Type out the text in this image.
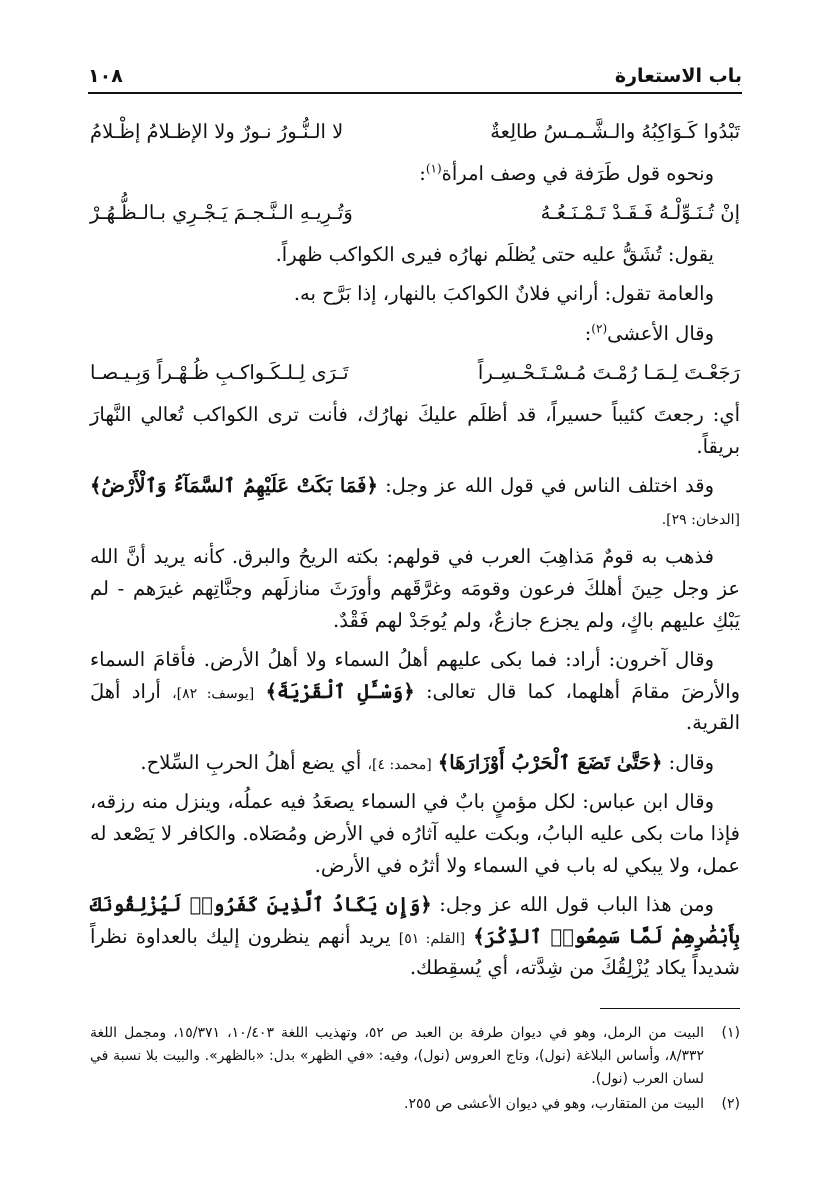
باب الاستعارة
١٠٨
تَبْدُوا كَـوَاكِبُهُ والـشَّـمـسُ طالِعةٌ
لا الـنُّـورُ نـورٌ ولا الإظـلامُ إظْـلامُ

ونحوه قول طَرَفة في وصف امرأة$^{(١)}$:

إنْ تُـنَـوِّلْـهُ فَـقَـدْ تَـمْـنَـعُـهُ
وَتُـرِيـهِ الـنَّـجـمَ يَـجْـرِي بـالـظُّـهُـرْ

يقول: تُشَقُّ عليه حتى يُظلَم نهارُه فيرى الكواكب ظهراً.

والعامة تقول: أراني فلانٌ الكواكبَ بالنهار، إذا بَرَّح به.

وقال الأعشى$^{(٢)}$:

رَجَعْـتَ لِـمَـا رُمْـتَ مُـسْـتَـحْـسِـراً
تَـرَى لِـلـكَـواكـبِ ظُـهْـراً وَبِـيـصـا

أي: رجعتَ كئيباً حسيراً، قد أظلَم عليكَ نهارُك، فأنت ترى الكواكب تُعالي النَّهارَ بريقاً.

وقد اختلف الناس في قول الله عز وجل: ﴿فَمَا بَكَتْ عَلَيْهِمُ ٱلسَّمَآءُ وَٱلْأَرْضُ﴾ [الدخان: ٢٩].

فذهب به قومٌ مَذاهِبَ العرب في قولهم: بكته الريحُ والبرق. كأنه يريد أنَّ الله عز وجل حِينَ أهلكَ فرعون وقومَه وغرَّقَهم وأورَثَ منازلَهم وجنَّاتِهم غيرَهم - لم يَبْكِ عليهم باكٍ، ولم يجزع جازعٌ، ولم يُوجَدْ لهم فَقْدٌ.

وقال آخرون: أراد: فما بكى عليهم أهلُ السماء ولا أهلُ الأرض. فأقامَ السماء والأرضَ مقامَ أهلهما، كما قال تعالى: ﴿وَسْـَٔلِ ٱلْقَرْيَةَ﴾ [يوسف: ٨٢]، أراد أهلَ القرية.

وقال: ﴿حَتَّىٰ تَضَعَ ٱلْحَرْبُ أَوْزَارَهَا﴾ [محمد: ٤]، أي يضع أهلُ الحربِ السِّلاح.

وقال ابن عباس: لكل مؤمنٍ بابٌ في السماء يصعَدُ فيه عملُه، وينزل منه رزقه، فإذا مات بكى عليه البابُ، وبكت عليه آثارُه في الأرض ومُصَلاه. والكافر لا يَصْعد له عمل، ولا يبكي له باب في السماء ولا أثرُه في الأرض.

ومن هذا الباب قول الله عز وجل: ﴿وَإِن يَكَادُ ٱلَّذِينَ كَفَرُوا۟ لَيُزْلِقُونَكَ بِأَبْصَٰرِهِمْ لَمَّا سَمِعُوا۟ ٱلذِّكْرَ﴾ [القلم: ٥١] يريد أنهم ينظرون إليك بالعداوة نظراً شديداً يكاد يُزْلِقُكَ من شِدَّته، أي يُسقِطك.

(١)
البيت من الرمل، وهو في ديوان طرفة بن العبد ص ٥٢، وتهذيب اللغة ١٠/٤٠٣، ١٥/٣٧١، ومجمل اللغة ٨/٣٣٢، وأساس البلاغة (نول)، وتاج العروس (نول)، وفيه: «في الظهر» بدل: «بالظهر». والبيت بلا نسبة في لسان العرب (نول).
(٢)
البيت من المتقارب، وهو في ديوان الأعشى ص ٢٥٥.
